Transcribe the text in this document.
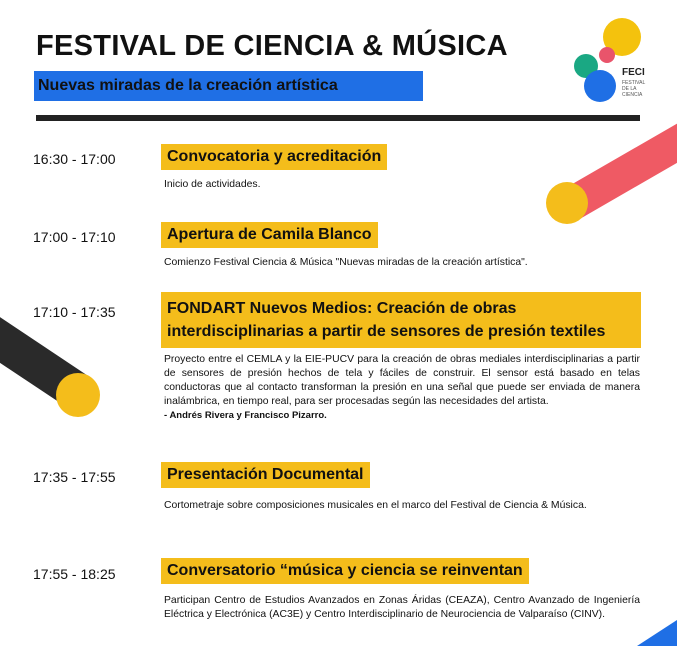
FECI
FESTIVAL
DE LA
CIENCIA
FESTIVAL DE CIENCIA & MÚSICA
Nuevas miradas de la creación artística
16:30 - 17:00	Convocatoria y acreditación
Inicio de actividades.
17:00 - 17:10	Apertura de Camila Blanco
Comienzo Festival Ciencia & Música "Nuevas miradas de la creación artística".
17:10 - 17:35	FONDART Nuevos Medios: Creación de obras interdisciplinarias a partir de sensores de presión textiles
Proyecto entre el CEMLA y la EIE-PUCV para la creación de obras mediales interdisciplinarias a partir de sensores de presión hechos de tela y fáciles de construir. El sensor está basado en telas conductoras que al contacto transforman la presión en una señal que puede ser enviada de manera inalámbrica, en tiempo real, para ser procesadas según las necesidades del artista.
- Andrés Rivera y Francisco Pizarro.
17:35 - 17:55	Presentación Documental
Cortometraje sobre composiciones musicales en el marco del Festival de Ciencia & Música.
17:55 - 18:25	Conversatorio “música y ciencia se reinventan
Participan Centro de Estudios Avanzados en Zonas Áridas (CEAZA), Centro Avanzado de Ingeniería Eléctrica y Electrónica (AC3E) y Centro Interdisciplinario de Neurociencia de Valparaíso (CINV).
